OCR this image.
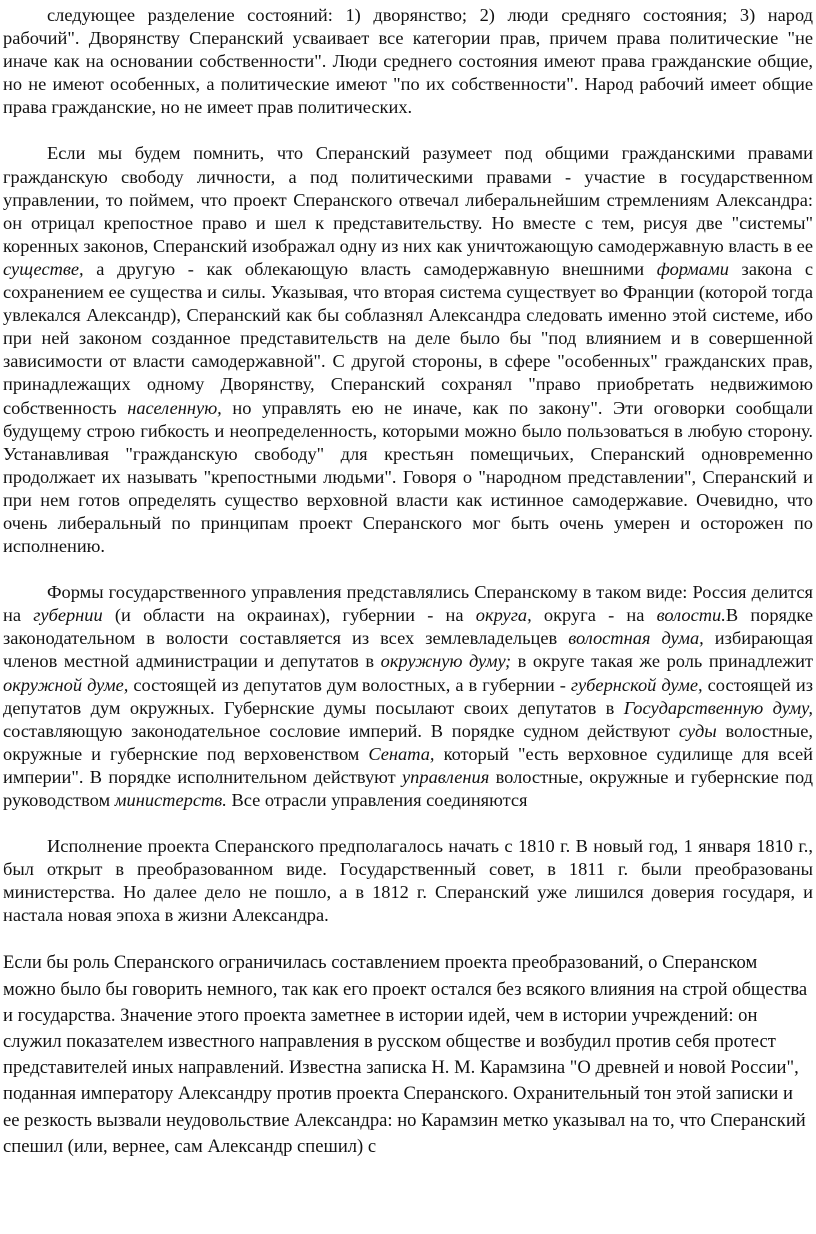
следующее разделение состояний: 1) дворянство; 2) люди средняго состояния; 3) народ рабочий". Дворянству Сперанский усваивает все категории прав, причем права политические "не иначе как на основании собственности". Люди среднего состояния имеют права гражданские общие, но не имеют особенных, а политические имеют "по их собственности". Народ рабочий имеет общие права гражданские, но не имеет прав политических.

Если мы будем помнить, что Сперанский разумеет под общими гражданскими правами гражданскую свободу личности, а под политическими правами - участие в государственном управлении, то поймем, что проект Сперанского отвечал либеральнейшим стремлениям Александра: он отрицал крепостное право и шел к представительству. Но вместе с тем, рисуя две "системы" коренных законов, Сперанский изображал одну из них как уничтожающую самодержавную власть в ее существе, а другую - как облекающую власть самодержавную внешними формами закона с сохранением ее существа и силы. Указывая, что вторая система существует во Франции (которой тогда увлекался Александр), Сперанский как бы соблазнял Александра следовать именно этой системе, ибо при ней законом созданное представительств на деле было бы "под влиянием и в совершенной зависимости от власти самодержавной". С другой стороны, в сфере "особенных" гражданских прав, принадлежащих одному Дворянству, Сперанский сохранял "право приобретать недвижимою собственность населенную, но управлять ею не иначе, как по закону". Эти оговорки сообщали будущему строю гибкость и неопределенность, которыми можно было пользоваться в любую сторону. Устанавливая "гражданскую свободу" для крестьян помещичьих, Сперанский одновременно продолжает их называть "крепостными людьми". Говоря о "народном представлении", Сперанский и при нем готов определять существо верховной власти как истинное самодержавие. Очевидно, что очень либеральный по принципам проект Сперанского мог быть очень умерен и осторожен по исполнению.

Формы государственного управления представлялись Сперанскому в таком виде: Россия делится на губернии (и области на окраинах), губернии - на округа, округа - на волости.В порядке законодательном в волости составляется из всех землевладельцев волостная дума, избирающая членов местной администрации и депутатов в окружную думу; в округе такая же роль принадлежит окружной думе, состоящей из депутатов дум волостных, а в губернии - губернской думе, состоящей из депутатов дум окружных. Губернские думы посылают своих депутатов в Государственную думу, составляющую законодательное сословие империй. В порядке судном действуют суды волостные, окружные и губернские под верховенством Сената, который "есть верховное судилище для всей империи". В порядке исполнительном действуют управления волостные, окружные и губернские под руководством министерств. Все отрасли управления соединяются

Исполнение проекта Сперанского предполагалось начать с 1810 г. В новый год, 1 января 1810 г., был открыт в преобразованном виде. Государственный совет, в 1811 г. были преобразованы министерства. Но далее дело не пошло, а в 1812 г. Сперанский уже лишился доверия государя, и настала новая эпоха в жизни Александра.

Если бы роль Сперанского ограничилась составлением проекта преобразований, о Сперанском можно было бы говорить немного, так как его проект остался без всякого влияния на строй общества и государства. Значение этого проекта заметнее в истории идей, чем в истории учреждений: он служил показателем известного направления в русском обществе и возбудил против себя протест представителей иных направлений. Известна записка Н. М. Карамзина "О древней и новой России", поданная императору Александру против проекта Сперанского. Охранительный тон этой записки и ее резкость вызвали неудовольствие Александра: но Карамзин метко указывал на то, что Сперанский спешил (или, вернее, сам Александр спешил) с
